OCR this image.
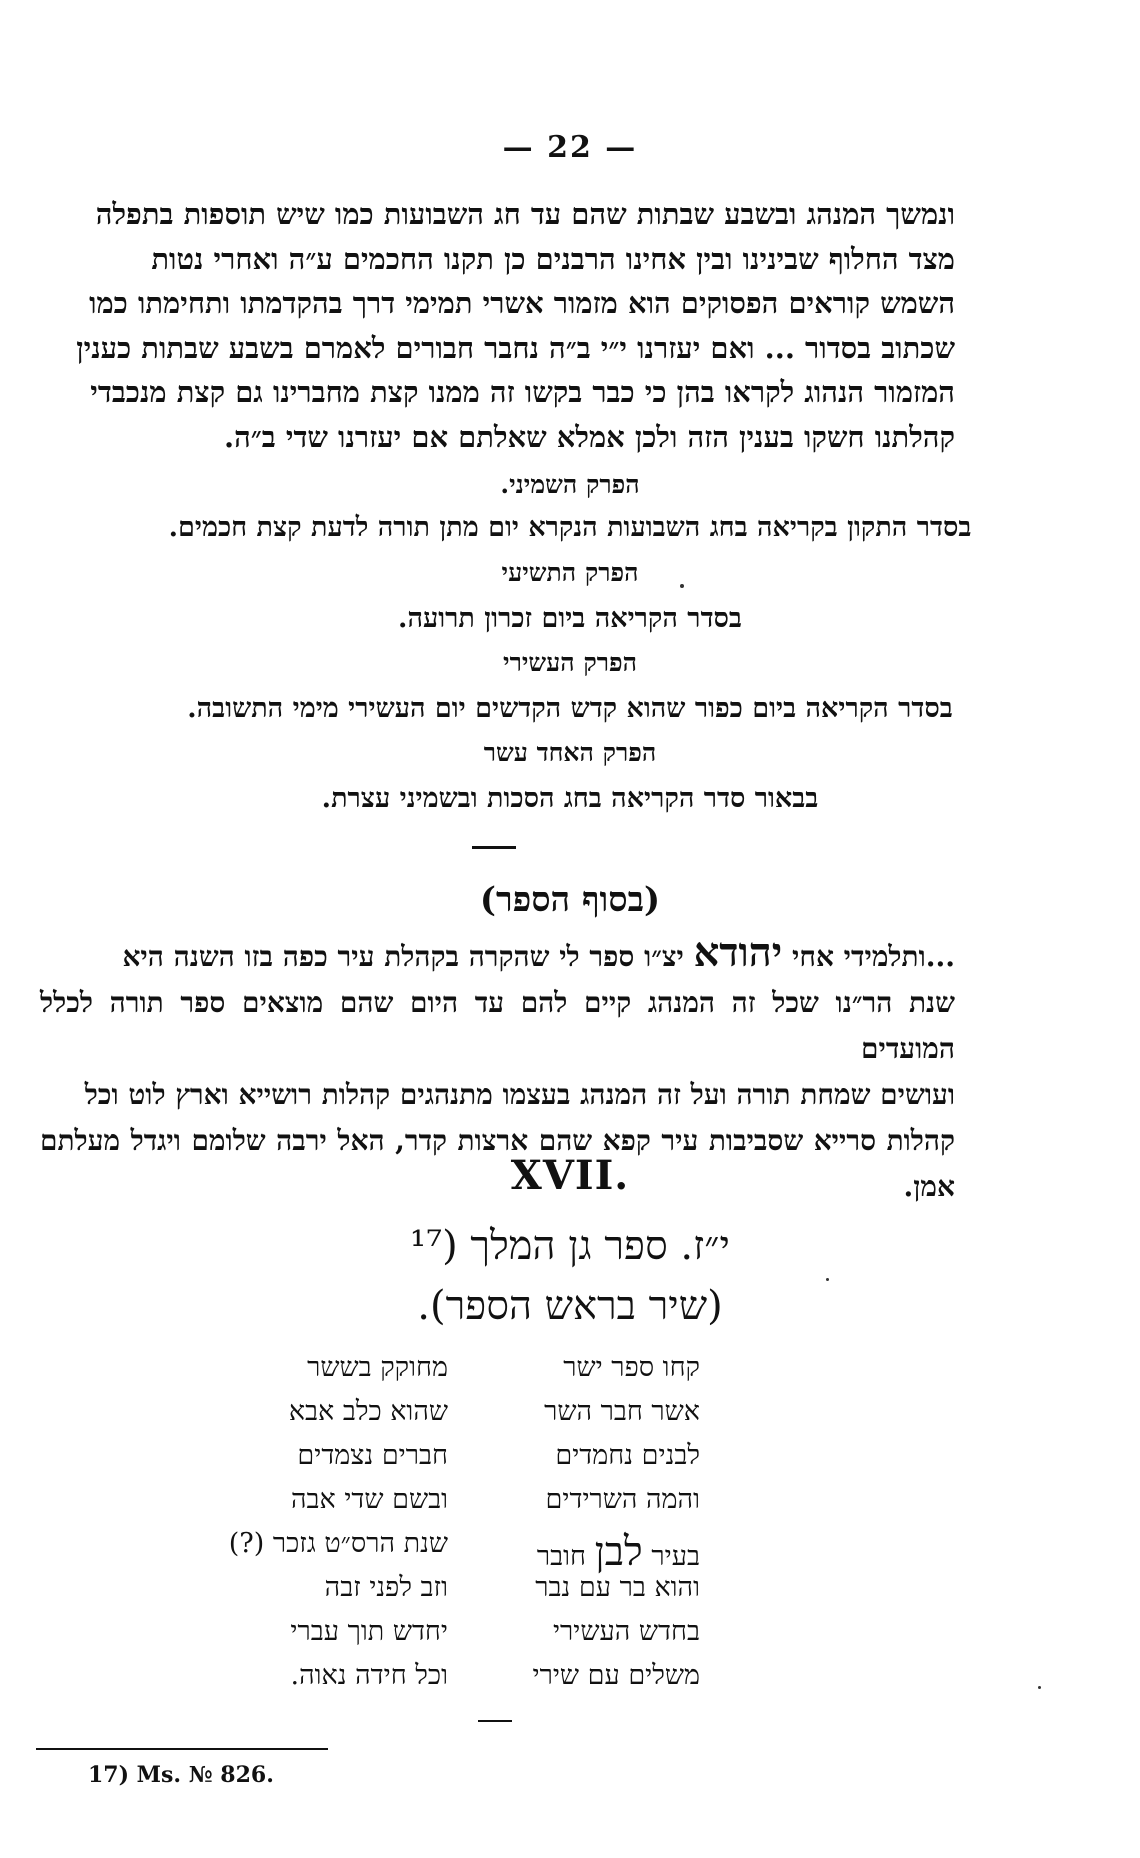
— 22 —
ונמשך המנהג ובשבע שבתות שהם עד חג השבועות כמו שיש תוספות בתפלה
מצד החלוף שבינינו ובין אחינו הרבנים כן תקנו החכמים ע״ה ואחרי נטות
השמש קוראים הפסוקים הוא מזמור אשרי תמימי דרך בהקדמתו ותחימתו כמו
שכתוב בסדור ... ואם יעזרנו י״י ב״ה נחבר חבורים לאמרם בשבע שבתות כענין
המזמור הנהוג לקראו בהן כי כבר בקשו זה ממנו קצת מחברינו גם קצת מנכבדי
קהלתנו חשקו בענין הזה ולכן אמלא שאלתם אם יעזרנו שדי ב״ה.
הפרק השמיני.
בסדר התקון בקריאה בחג השבועות הנקרא יום מתן תורה לדעת קצת חכמים.
הפרק התשיעי
בסדר הקריאה ביום זכרון תרועה.
הפרק העשירי
בסדר הקריאה ביום כפור שהוא קדש הקדשים יום העשירי מימי התשובה.
הפרק האחד עשר
בבאור סדר הקריאה בחג הסכות ובשמיני עצרת.
(בסוף הספר)
...ותלמידי אחי יהודא יצ״ו ספר לי שהקרה בקהלת עיר כפה בזו השנה היא
שנת הר״נו שכל זה המנהג קיים להם עד היום שהם מוצאים ספר תורה לכלל המועדים
ועושים שמחת תורה ועל זה המנהג בעצמו מתנהגים קהלות רושייא וארץ לוט וכל
קהלות סרייא שסביבות עיר קפא שהם ארצות קדר, האל ירבה שלומם ויגדל מעלתם אמן.
XVII.
י״ז. ספר גן המלך (¹⁷
(שיר בראש הספר).
קחו ספר ישר
מחוקק בששר
אשר חבר השר
שהוא כלב אבא
לבנים נחמדים
חברים נצמדים
והמה השרידים
ובשם שדי אבה
בעיר לבן חובר
שנת הרס״ט גזכר (?)
והוא בר עם נבר
וזב לפני זבה
בחדש העשירי
יחדש תוך עברי
משלים עם שירי
וכל חידה נאוה.
17) Ms. № 826.
